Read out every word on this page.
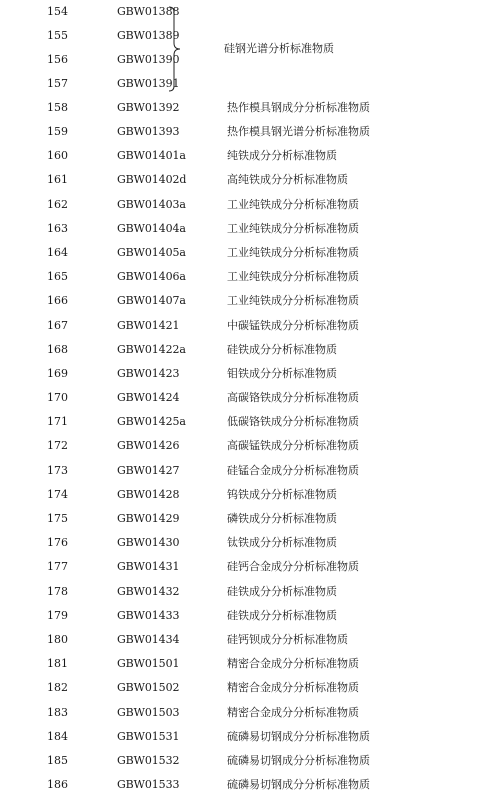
154	GBW01388
155	GBW01389
156	GBW01390
157	GBW01391
硅钢光谱分析标准物质
158	GBW01392	热作模具钢成分分析标准物质
159	GBW01393	热作模具钢光谱分析标准物质
160	GBW01401a	纯铁成分分析标准物质
161	GBW01402d	高纯铁成分分析标准物质
162	GBW01403a	工业纯铁成分分析标准物质
163	GBW01404a	工业纯铁成分分析标准物质
164	GBW01405a	工业纯铁成分分析标准物质
165	GBW01406a	工业纯铁成分分析标准物质
166	GBW01407a	工业纯铁成分分析标准物质
167	GBW01421	中碳锰铁成分分析标准物质
168	GBW01422a	硅铁成分分析标准物质
169	GBW01423	钼铁成分分析标准物质
170	GBW01424	高碳铬铁成分分析标准物质
171	GBW01425a	低碳铬铁成分分析标准物质
172	GBW01426	高碳锰铁成分分析标准物质
173	GBW01427	硅锰合金成分分析标准物质
174	GBW01428	钨铁成分分析标准物质
175	GBW01429	磷铁成分分析标准物质
176	GBW01430	钛铁成分分析标准物质
177	GBW01431	硅钙合金成分分析标准物质
178	GBW01432	硅铁成分分析标准物质
179	GBW01433	硅铁成分分析标准物质
180	GBW01434	硅钙钡成分分析标准物质
181	GBW01501	精密合金成分分析标准物质
182	GBW01502	精密合金成分分析标准物质
183	GBW01503	精密合金成分分析标准物质
184	GBW01531	硫磷易切钢成分分析标准物质
185	GBW01532	硫磷易切钢成分分析标准物质
186	GBW01533	硫磷易切钢成分分析标准物质
